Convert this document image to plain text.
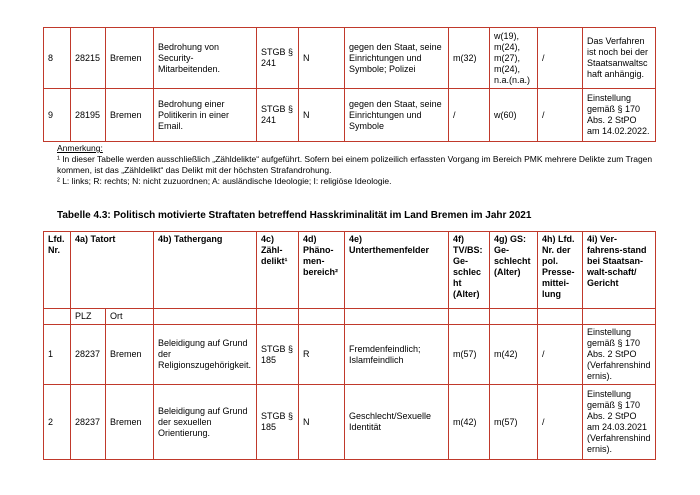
8	28215	Bremen	Bedrohung von Security-Mitarbeitenden.	STGB § 241	N	gegen den Staat, seine Einrichtungen und Symbole; Polizei	m(32)	w(19), m(24), m(27), m(24), n.a.(n.a.)	/	Das Verfahren ist noch bei der Staatsanwaltschaft anhängig.
9	28195	Bremen	Bedrohung einer Politikerin in einer Email.	STGB § 241	N	gegen den Staat, seine Einrichtungen und Symbole	/	w(60)	/	Einstellung gemäß § 170 Abs. 2 StPO am 14.02.2022.
Anmerkung:
¹ In dieser Tabelle werden ausschließlich „Zähldelikte“ aufgeführt. Sofern bei einem polizeilich erfassten Vorgang im Bereich PMK mehrere Delikte zum Tragen kommen, ist das „Zähldelikt“ das Delikt mit der höchsten Strafandrohung.
² L: links; R: rechts; N: nicht zuzuordnen; A: ausländische Ideologie; I: religiöse Ideologie.
Tabelle 4.3: Politisch motivierte Straftaten betreffend Hasskriminalität im Land Bremen im Jahr 2021
Lfd. Nr.	4a) Tatort		4b) Tathergang	4c) Zähl-delikt¹	4d) Phäno-men-bereich²	4e) Unterthemenfelder	4f) TV/BS: Ge-schlecht (Alter)	4g) GS: Ge-schlecht (Alter)	4h) Lfd. Nr. der pol. Presse-mittei-lung	4i) Ver-fahrens-stand bei Staatsan-walt-schaft/ Gericht
	PLZ	Ort								
1	28237	Bremen	Beleidigung auf Grund der Religionszugehörigkeit.	STGB § 185	R	Fremdenfeindlich; Islamfeindlich	m(57)	m(42)	/	Einstellung gemäß § 170 Abs. 2 StPO (Verfahrenshindernis).
2	28237	Bremen	Beleidigung auf Grund der sexuellen Orientierung.	STGB § 185	N	Geschlecht/Sexuelle Identität	m(42)	m(57)	/	Einstellung gemäß § 170 Abs. 2 StPO am 24.03.2021 (Verfahrenshindernis).
